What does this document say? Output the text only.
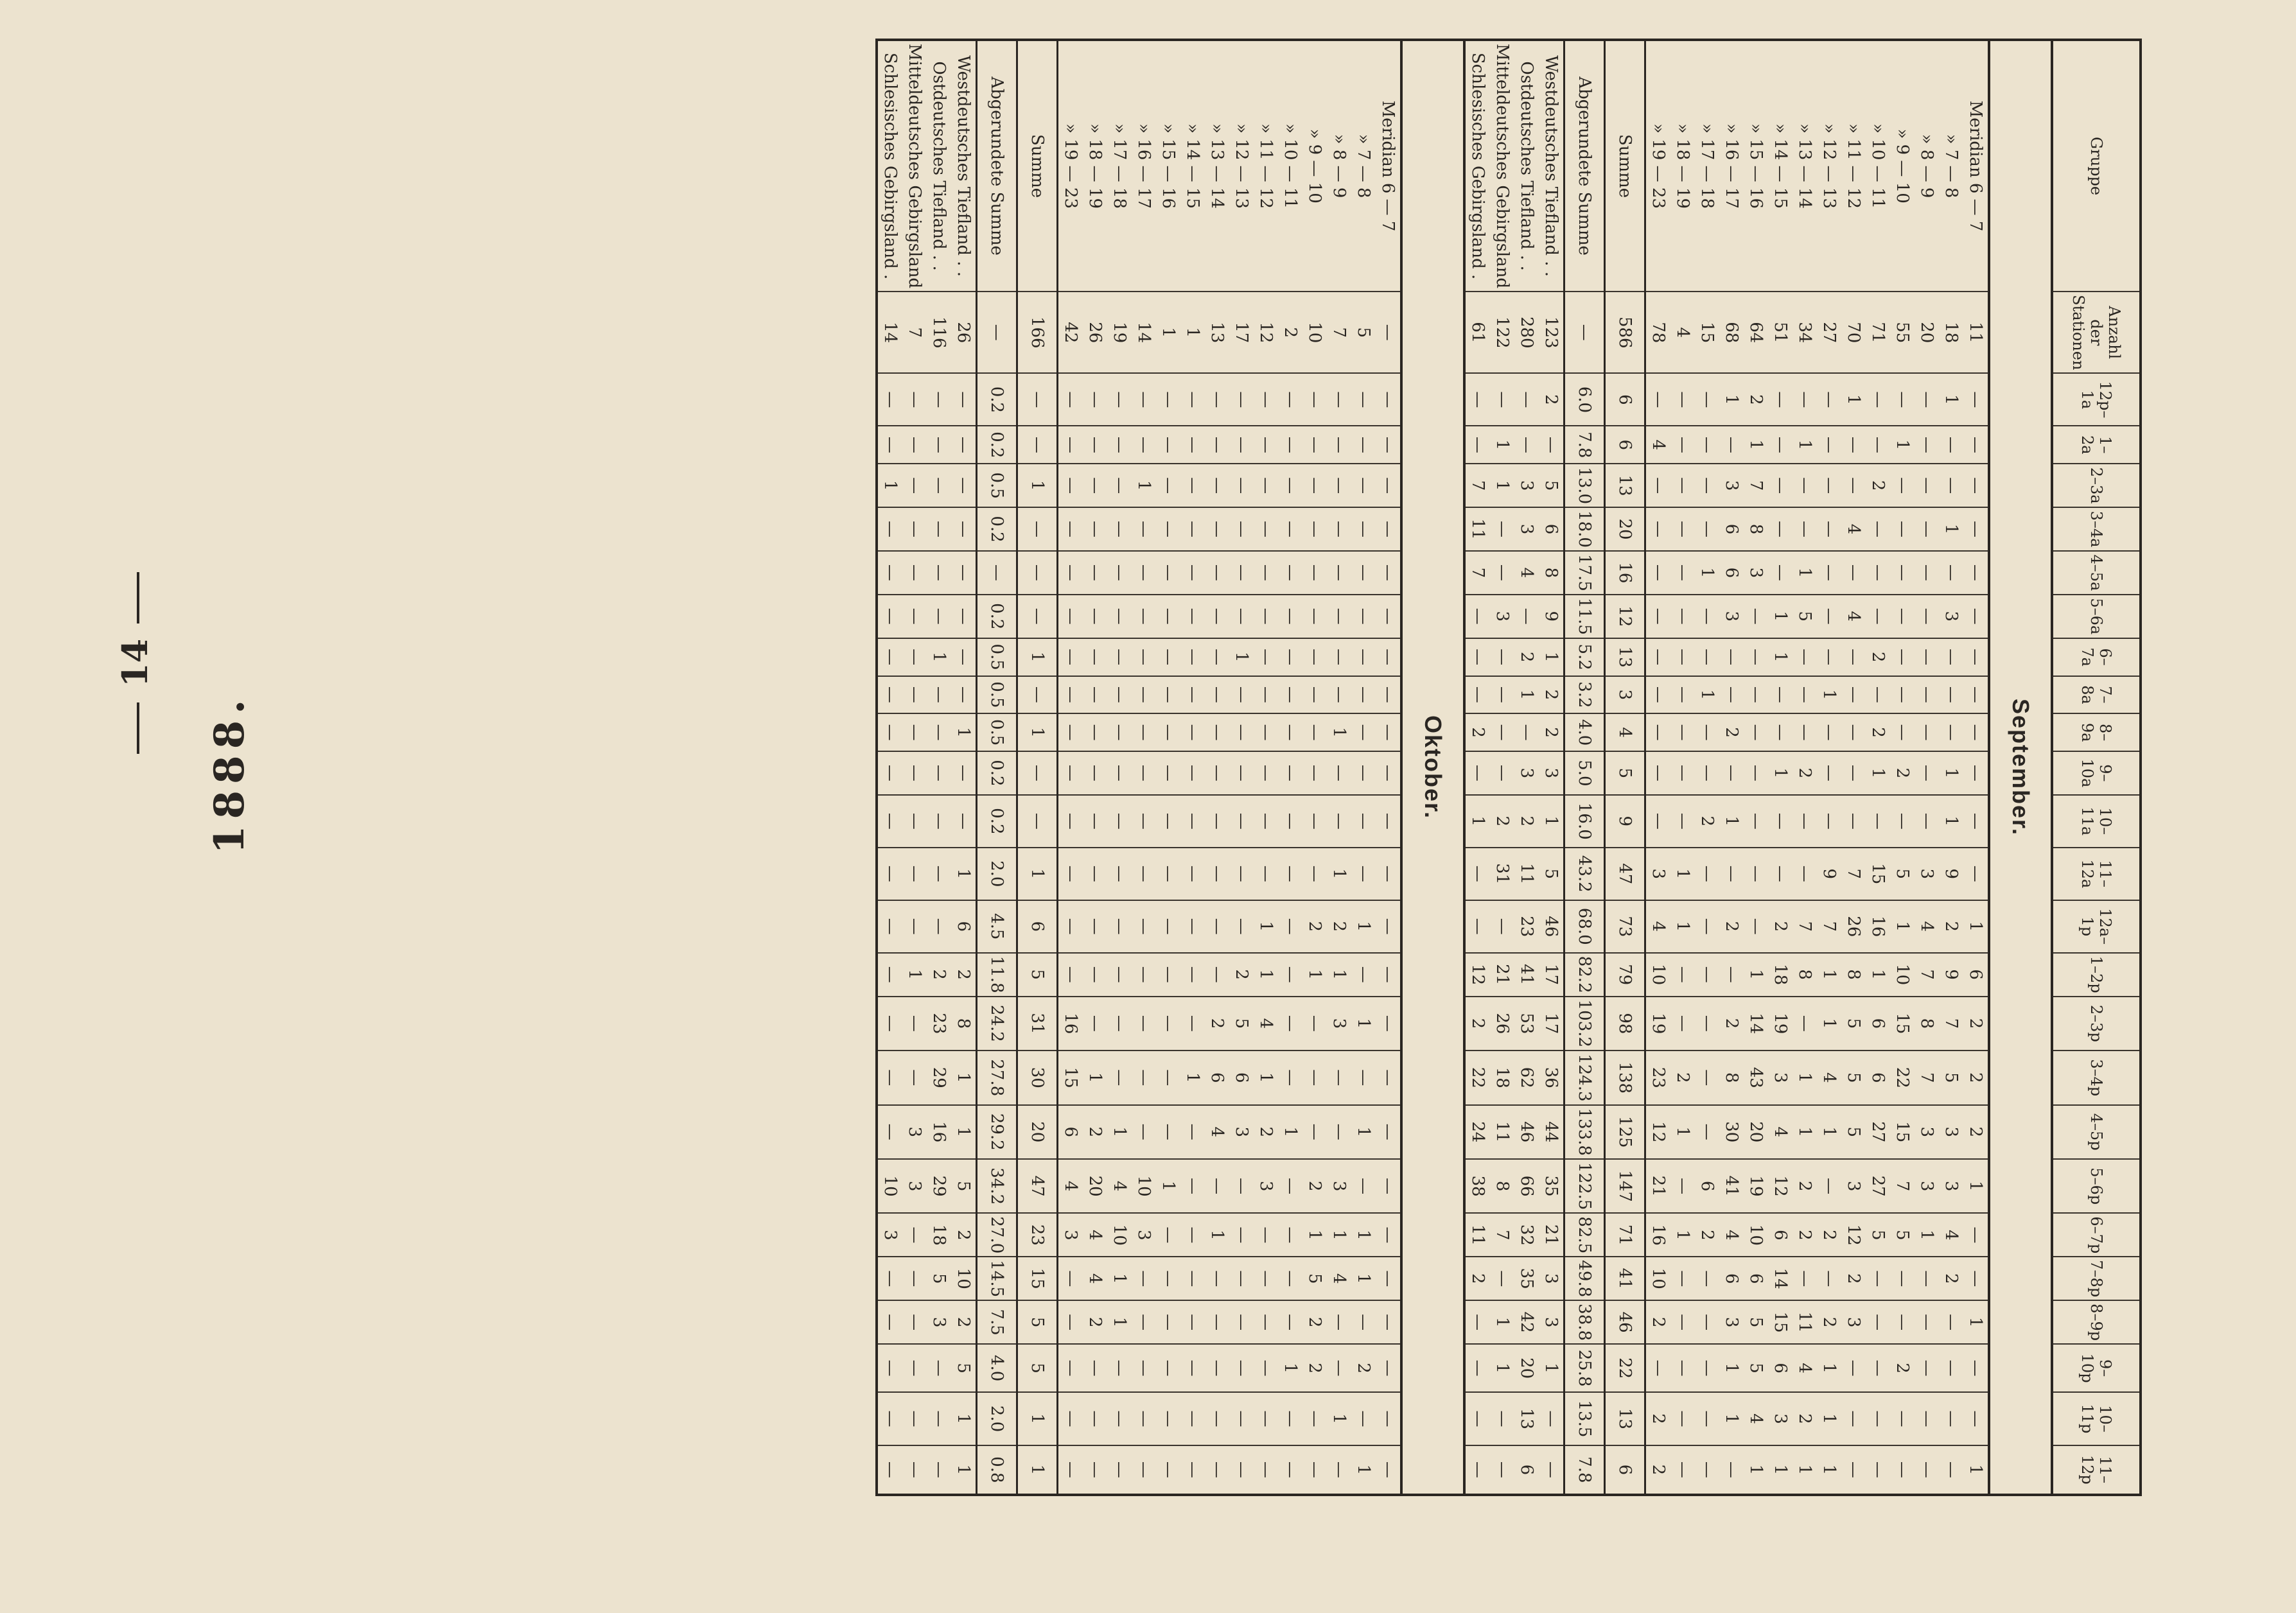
14
1888.
Gruppe	Anzahl der Stationen	12p–1a	1–2a	2–3a	3–4a	4–5a	5–6a	6–7a	7–8a	8–9a	9–10a	10–11a	11–12a	12a–1p	1–2p	2–3p	3–4p	4–5p	5–6p	6–7p	7–8p	8–9p	9–10p	10–11p	11–12p
September.																									
Meridian 6 — 7	11	—	—	—	—	—	—	—	—	—	—	—	—	1	6	2	2	2	1	—	—	1	—	—	1
» 7 — 8	18	1	—	—	1	—	3	—	—	—	1	1	9	2	9	7	5	3	3	4	2	—	—	—	—
» 8 — 9	20	—	—	—	—	—	—	—	—	—	—	—	3	4	7	8	7	3	3	1	—	—	—	—	—
» 9 — 10	55	—	1	—	—	—	—	—	—	—	2	—	5	1	10	15	22	15	7	5	—	—	2	—	—
» 10 — 11	71	—	—	2	—	—	—	2	—	2	1	—	15	16	1	6	6	27	27	5	—	—	—	—	—
» 11 — 12	70	1	—	—	4	—	4	—	—	—	—	—	7	26	8	5	5	5	3	12	2	3	—	—	—
» 12 — 13	27	—	—	—	—	—	—	—	1	—	—	—	9	7	1	1	4	1	—	2	—	2	1	1	1
» 13 — 14	34	—	1	—	—	1	5	—	—	—	2	—	—	7	8	—	1	1	2	2	—	11	4	2	1
» 14 — 15	51	—	—	—	—	—	1	1	—	—	1	—	—	2	18	19	3	4	12	6	14	15	6	3	1
» 15 — 16	64	2	1	7	8	3	—	—	—	—	—	—	—	—	1	14	43	20	19	10	6	5	5	4	1
» 16 — 17	68	1	—	3	6	6	3	—	—	2	—	1	—	2	—	2	8	30	41	4	6	3	1	1	—
» 17 — 18	15	—	—	—	—	1	—	—	1	—	—	2	—	—	—	—	—	—	6	2	—	—	—	—	—
» 18 — 19	4	—	—	—	—	—	—	—	—	—	—	—	1	1	—	—	2	1	—	1	—	—	—	—	—
» 19 — 23	78	—	4	—	—	—	—	—	—	—	—	—	3	4	10	19	23	12	21	16	10	2	—	2	2
Summe	586	6	6	13	20	16	12	13	3	4	5	9	47	73	79	98	138	125	147	71	41	46	22	13	6
Abgerundete Summe	—	6.0	7.8	13.0	18.0	17.5	11.5	5.2	3.2	4.0	5.0	16.0	43.2	68.0	82.2	103.2	124.3	133.8	122.5	82.5	49.8	38.8	25.8	13.5	7.8
Westdeutsches Tiefland . .	123	2	—	5	6	8	9	1	2	2	3	1	5	46	17	17	36	44	35	21	3	3	1	—	—
Ostdeutsches Tiefland . .	280	—	—	3	3	4	—	2	1	—	3	2	11	23	41	53	62	46	66	32	35	42	20	13	6
Mitteldeutsches Gebirgsland	122	—	1	1	—	—	3	—	—	—	—	2	31	—	21	26	18	11	8	7	—	1	1	—	—
Schlesisches Gebirgsland .	61	—	—	7	11	7	—	—	—	2	—	1	—	—	12	2	22	24	38	11	2	—	—	—	—
Oktober.																									
Meridian 6 — 7	—	—	—	—	—	—	—	—	—	—	—	—	—	—	—	—	—	—	—	—	—	—	—	—	—
» 7 — 8	5	—	—	—	—	—	—	—	—	—	—	—	—	1	—	1	—	1	—	1	1	—	2	—	1
» 8 — 9	7	—	—	—	—	—	—	—	—	1	—	—	1	2	1	3	—	—	3	1	4	—	—	1	—
» 9 — 10	10	—	—	—	—	—	—	—	—	—	—	—	—	2	1	—	—	—	2	1	5	2	2	—	—
» 10 — 11	2	—	—	—	—	—	—	—	—	—	—	—	—	—	—	—	—	1	—	—	—	—	1	—	—
» 11 — 12	12	—	—	—	—	—	—	—	—	—	—	—	—	1	1	4	1	2	3	—	—	—	—	—	—
» 12 — 13	17	—	—	—	—	—	—	1	—	—	—	—	—	—	2	5	6	3	—	—	—	—	—	—	—
» 13 — 14	13	—	—	—	—	—	—	—	—	—	—	—	—	—	—	2	6	4	—	1	—	—	—	—	—
» 14 — 15	1	—	—	—	—	—	—	—	—	—	—	—	—	—	—	—	1	—	—	—	—	—	—	—	—
» 15 — 16	1	—	—	—	—	—	—	—	—	—	—	—	—	—	—	—	—	—	1	—	—	—	—	—	—
» 16 — 17	14	—	—	1	—	—	—	—	—	—	—	—	—	—	—	—	—	—	10	3	—	—	—	—	—
» 17 — 18	19	—	—	—	—	—	—	—	—	—	—	—	—	—	—	—	—	1	4	10	1	1	—	—	—
» 18 — 19	26	—	—	—	—	—	—	—	—	—	—	—	—	—	—	—	1	2	20	4	4	2	—	—	—
» 19 — 23	42	—	—	—	—	—	—	—	—	—	—	—	—	—	—	16	15	6	4	3	—	—	—	—	—
Summe	166	—	—	1	—	—	—	1	—	1	—	—	1	6	5	31	30	20	47	23	15	5	5	1	1
Abgerundete Summe	—	0.2	0.2	0.5	0.2	—	0.2	0.5	0.5	0.5	0.2	0.2	2.0	4.5	11.8	24.2	27.8	29.2	34.2	27.0	14.5	7.5	4.0	2.0	0.8
Westdeutsches Tiefland . .	26	—	—	—	—	—	—	—	—	1	—	—	1	6	2	8	1	1	5	2	10	2	5	1	1
Ostdeutsches Tiefland . .	116	—	—	—	—	—	—	1	—	—	—	—	—	—	2	23	29	16	29	18	5	3	—	—	—
Mitteldeutsches Gebirgsland	7	—	—	—	—	—	—	—	—	—	—	—	—	—	1	—	—	3	3	—	—	—	—	—	—
Schlesisches Gebirgsland .	14	—	—	1	—	—	—	—	—	—	—	—	—	—	—	—	—	—	10	3	—	—	—	—	—
